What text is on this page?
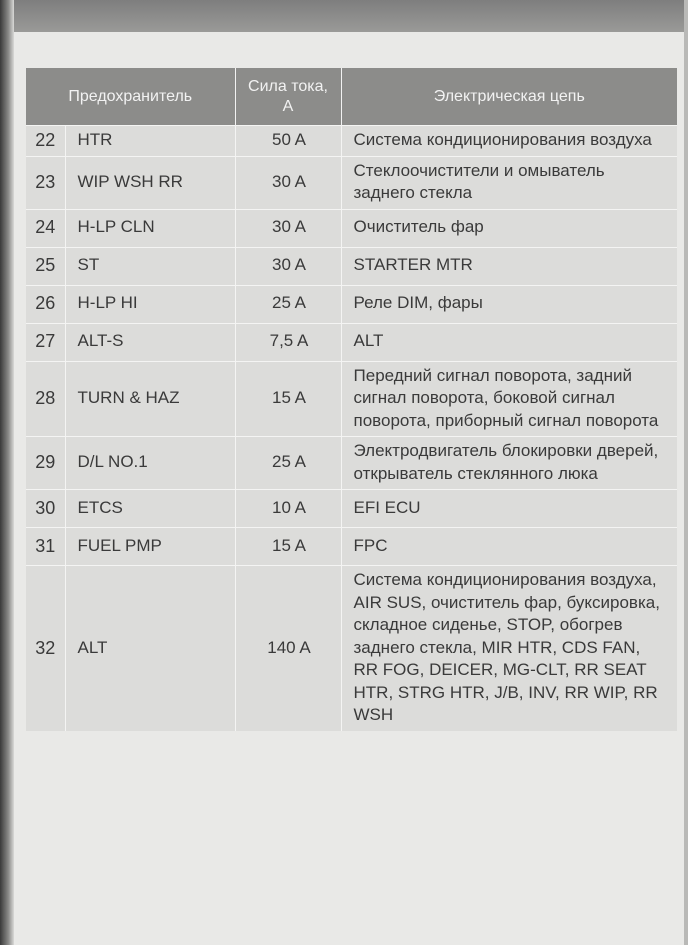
Предохранитель		Сила тока, А	Электрическая цепь
22	HTR	50 A	Система кондиционирования воздуха
23	WIP WSH RR	30 A	Стеклоочистители и омыватель заднего стекла
24	H-LP CLN	30 A	Очиститель фар
25	ST	30 A	STARTER MTR
26	H-LP HI	25 A	Реле DIM, фары
27	ALT-S	7,5 A	ALT
28	TURN & HAZ	15 A	Передний сигнал поворота, задний сигнал поворота, боковой сигнал поворота, приборный сигнал поворота
29	D/L NO.1	25 A	Электродвигатель блокировки дверей, открыватель стеклянного люка
30	ETCS	10 A	EFI ECU
31	FUEL PMP	15 A	FPC
32	ALT	140 A	Система кондиционирования воздуха, AIR SUS, очиститель фар, буксировка, складное сиденье, STOP, обогрев заднего стекла, MIR HTR, CDS FAN, RR FOG, DEICER, MG-CLT, RR SEAT HTR, STRG HTR, J/B, INV, RR WIP, RR WSH
